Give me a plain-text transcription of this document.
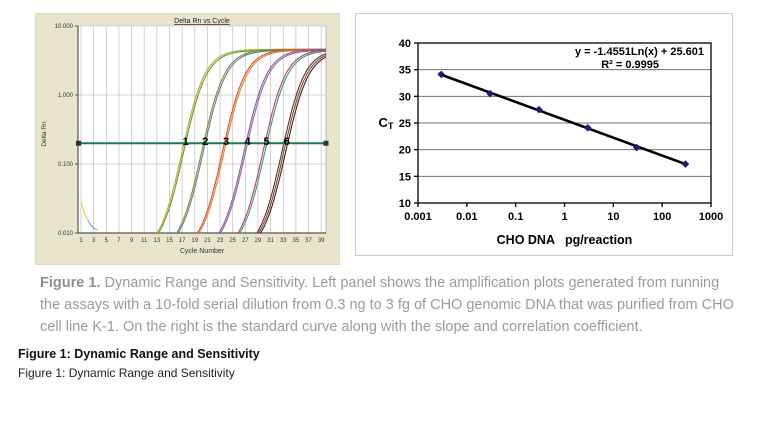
10.000
1.000
0.100
0.010
1 3 5 7 9 11 13 15 17 19 21 23 25 27 29 31 33 35 37 39
1 2 3 4 5 6
Delta Rn vs Cycle
Delta Rn
Cycle Number
10
15
20
25
30
35
40
0.001 0.01	0.1	1	10	100 1000
y = -1.4551Ln(x) + 25.601
R² = 0.9995
CT
CHO DNA   pg/reaction
Figure 1. Dynamic Range and Sensitivity. Left panel shows the amplification plots generated from running the assays with a 10-fold serial dilution from 0.3 ng to 3 fg of CHO genomic DNA that was purified from CHO cell line K-1. On the right is the standard curve along with the slope and correlation coefficient.
Figure 1: Dynamic Range and Sensitivity
Figure 1: Dynamic Range and Sensitivity
